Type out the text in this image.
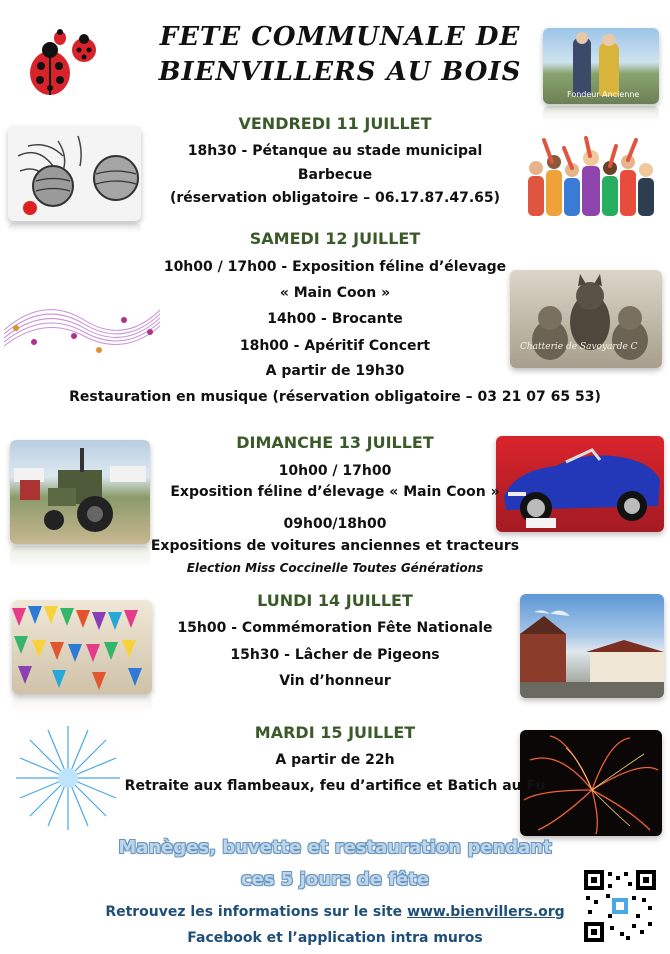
FETE COMMUNALE DE
BIENVILLERS AU BOIS
Fondeur Ancienne
Chatterie de Savoyarde C
VENDREDI 11 JUILLET
18h30 - Pétanque au stade municipal
Barbecue
(réservation obligatoire – 06.17.87.47.65)
SAMEDI 12 JUILLET
10h00 / 17h00 - Exposition féline d’élevage
« Main Coon »
14h00 - Brocante
18h00 - Apéritif Concert
A partir de 19h30
Restauration en musique (réservation obligatoire – 03 21 07 65 53)
DIMANCHE 13 JUILLET
10h00 / 17h00
Exposition féline d’élevage « Main Coon »
09h00/18h00
Expositions de voitures anciennes et tracteurs
Election Miss Coccinelle Toutes Générations
LUNDI 14 JUILLET
15h00 - Commémoration Fête Nationale
15h30 - Lâcher de Pigeons
Vin d’honneur
MARDI 15 JUILLET
A partir de 22h
Retraite aux flambeaux, feu d’artifice et Batich au Fu
Manèges, buvette et restauration pendant
ces 5 jours de fête
Retrouvez les informations sur le site www.bienvillers.org
Facebook et l’application intra muros
